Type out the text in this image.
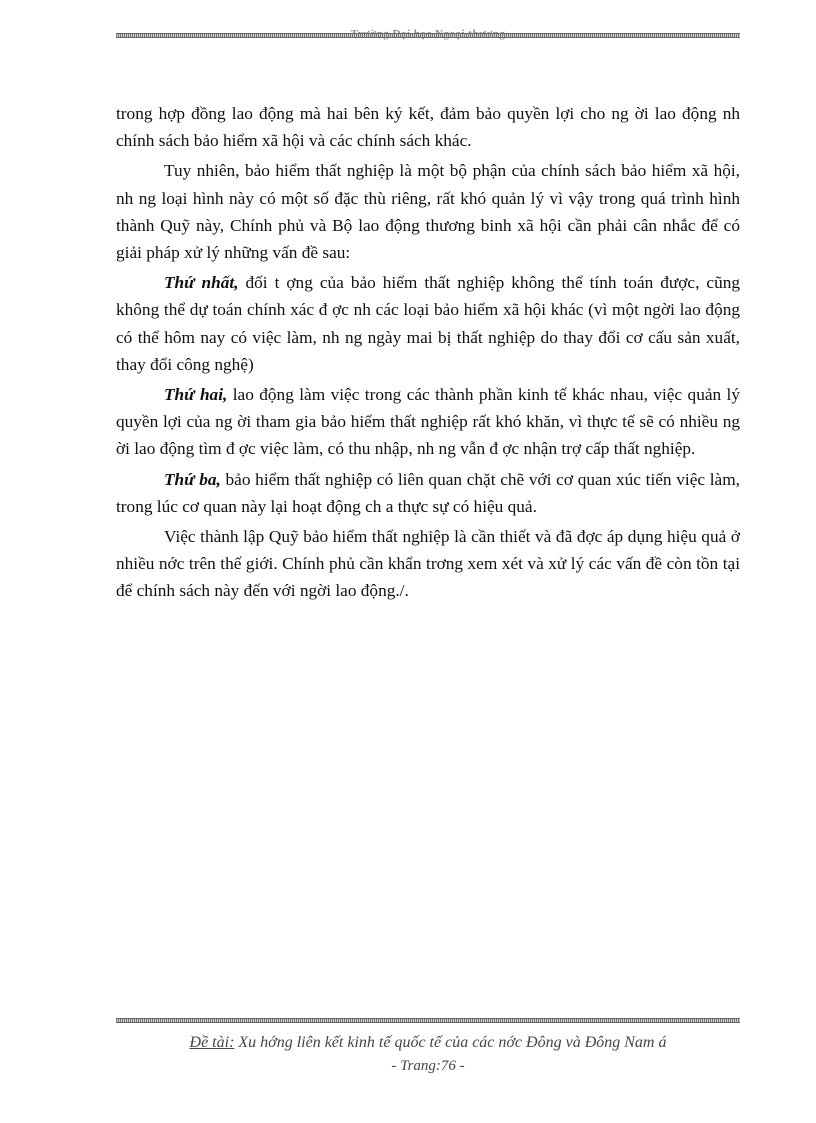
trong hợp đồng lao động mà hai bên ký kết, đảm bảo quyền lợi cho ng ời lao động nh chính sách bảo hiểm xã hội và các chính sách khác.

Tuy nhiên, bảo hiểm thất nghiệp là một bộ phận của chính sách bảo hiểm xã hội, nh ng loại hình này có một số đặc thù riêng, rất khó quản lý vì vậy trong quá trình hình thành Quỹ này, Chính phủ và Bộ lao động thương binh xã hội cần phải cân nhắc để có giải pháp xử lý những vấn đề sau:

Thứ nhất, đối t ợng của bảo hiểm thất nghiệp không thể tính toán được, cũng không thể dự toán chính xác đ ợc nh các loại bảo hiểm xã hội khác (vì một ngời lao động có thể hôm nay có việc làm, nh ng ngày mai bị thất nghiệp do thay đổi cơ cấu sản xuất, thay đổi công nghệ)

Thứ hai, lao động làm việc trong các thành phần kinh tế khác nhau, việc quản lý quyền lợi của ng ời tham gia bảo hiểm thất nghiệp rất khó khăn, vì thực tế sẽ có nhiều ng ời lao động tìm đ ợc việc làm, có thu nhập, nh ng vẫn đ ợc nhận trợ cấp thất nghiệp.

Thứ ba, bảo hiểm thất nghiệp có liên quan chặt chẽ với cơ quan xúc tiến việc làm, trong lúc cơ quan này lại hoạt động ch a thực sự có hiệu quả.

Việc thành lập Quỹ bảo hiểm thất nghiệp là cần thiết và đã đợc áp dụng hiệu quả ở nhiều nớc trên thế giới. Chính phủ cần khẩn trơng xem xét và xử lý các vấn đề còn tồn tại để chính sách này đến với ngời lao động./.

Đề tài: Xu hớng liên kết kinh tế quốc tế của các nớc Đông và Đông Nam á
- Trang:76 -
